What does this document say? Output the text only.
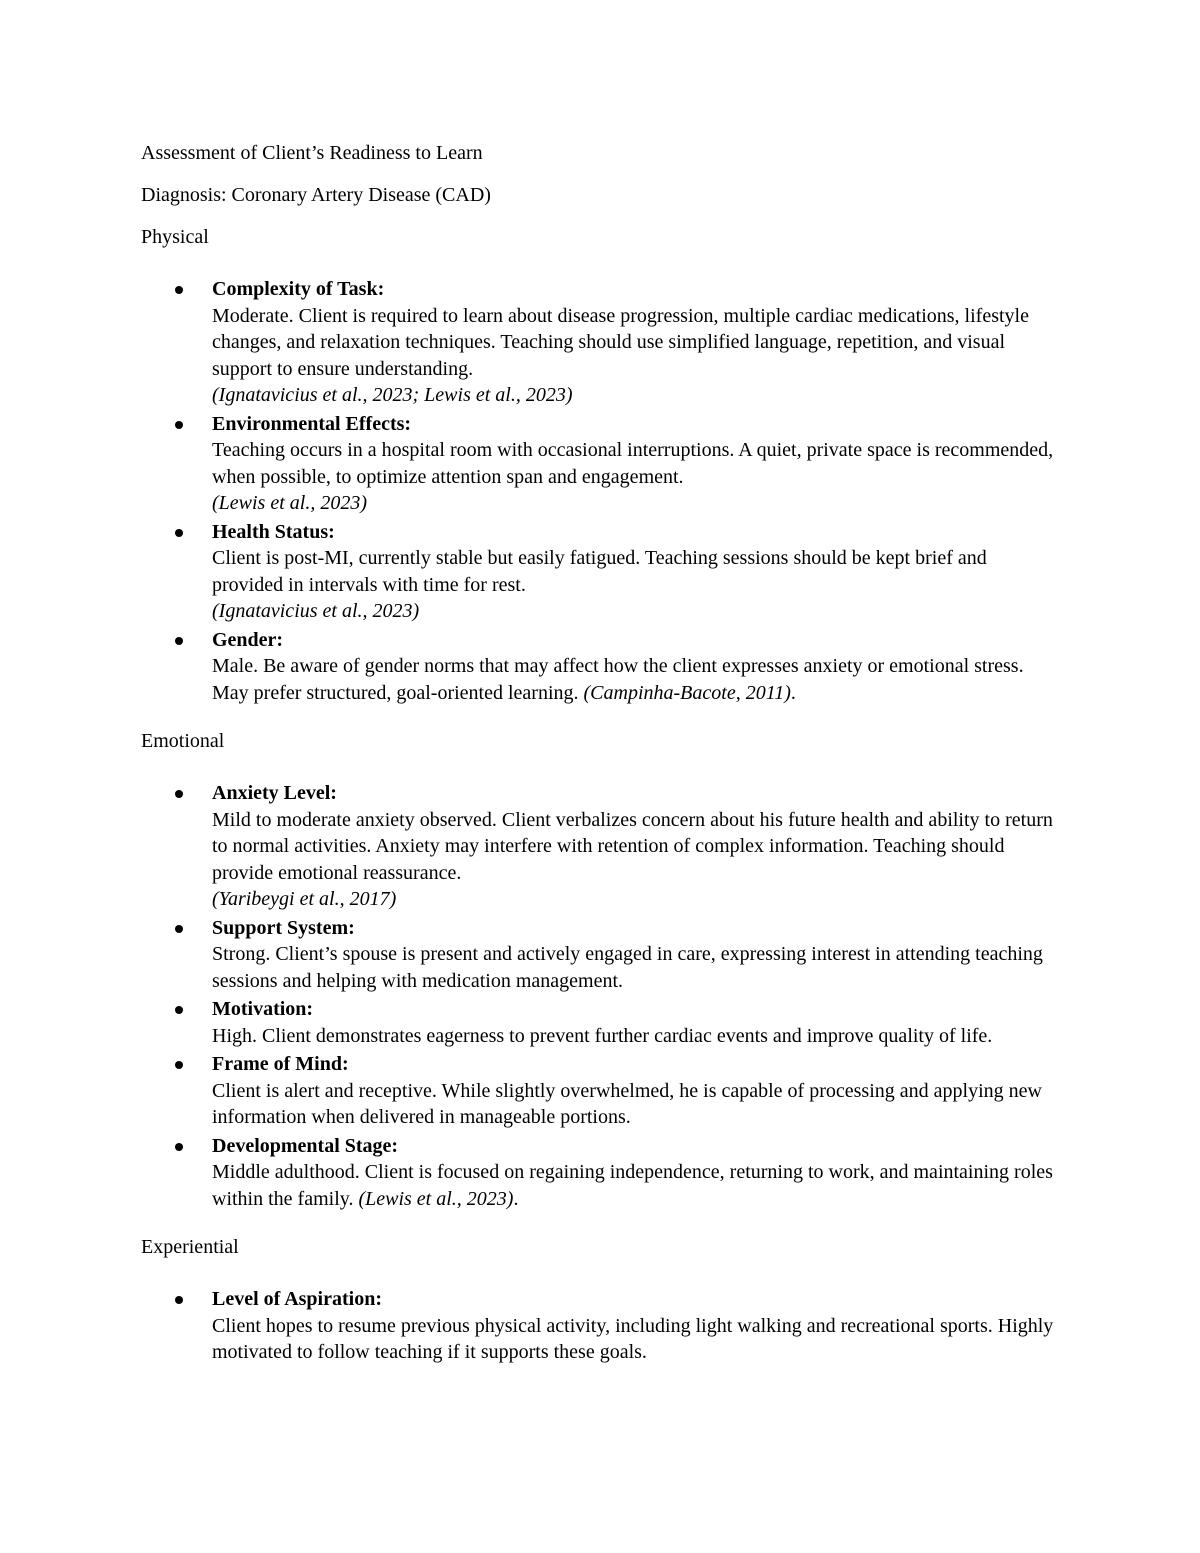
Assessment of Client’s Readiness to Learn

Diagnosis: Coronary Artery Disease (CAD)

Physical

Complexity of Task:
Moderate. Client is required to learn about disease progression, multiple cardiac medications, lifestyle changes, and relaxation techniques. Teaching should use simplified language, repetition, and visual support to ensure understanding.
(Ignatavicius et al., 2023; Lewis et al., 2023)
Environmental Effects:
Teaching occurs in a hospital room with occasional interruptions. A quiet, private space is recommended, when possible, to optimize attention span and engagement.
(Lewis et al., 2023)
Health Status:
Client is post-MI, currently stable but easily fatigued. Teaching sessions should be kept brief and provided in intervals with time for rest.
(Ignatavicius et al., 2023)
Gender:
Male. Be aware of gender norms that may affect how the client expresses anxiety or emotional stress. May prefer structured, goal-oriented learning. (Campinha-Bacote, 2011).

Emotional

Anxiety Level:
Mild to moderate anxiety observed. Client verbalizes concern about his future health and ability to return to normal activities. Anxiety may interfere with retention of complex information. Teaching should provide emotional reassurance.
(Yaribeygi et al., 2017)
Support System:
Strong. Client’s spouse is present and actively engaged in care, expressing interest in attending teaching sessions and helping with medication management.
Motivation:
High. Client demonstrates eagerness to prevent further cardiac events and improve quality of life.
Frame of Mind:
Client is alert and receptive. While slightly overwhelmed, he is capable of processing and applying new information when delivered in manageable portions.
Developmental Stage:
Middle adulthood. Client is focused on regaining independence, returning to work, and maintaining roles within the family. (Lewis et al., 2023).

Experiential

Level of Aspiration:
Client hopes to resume previous physical activity, including light walking and recreational sports. Highly motivated to follow teaching if it supports these goals.
